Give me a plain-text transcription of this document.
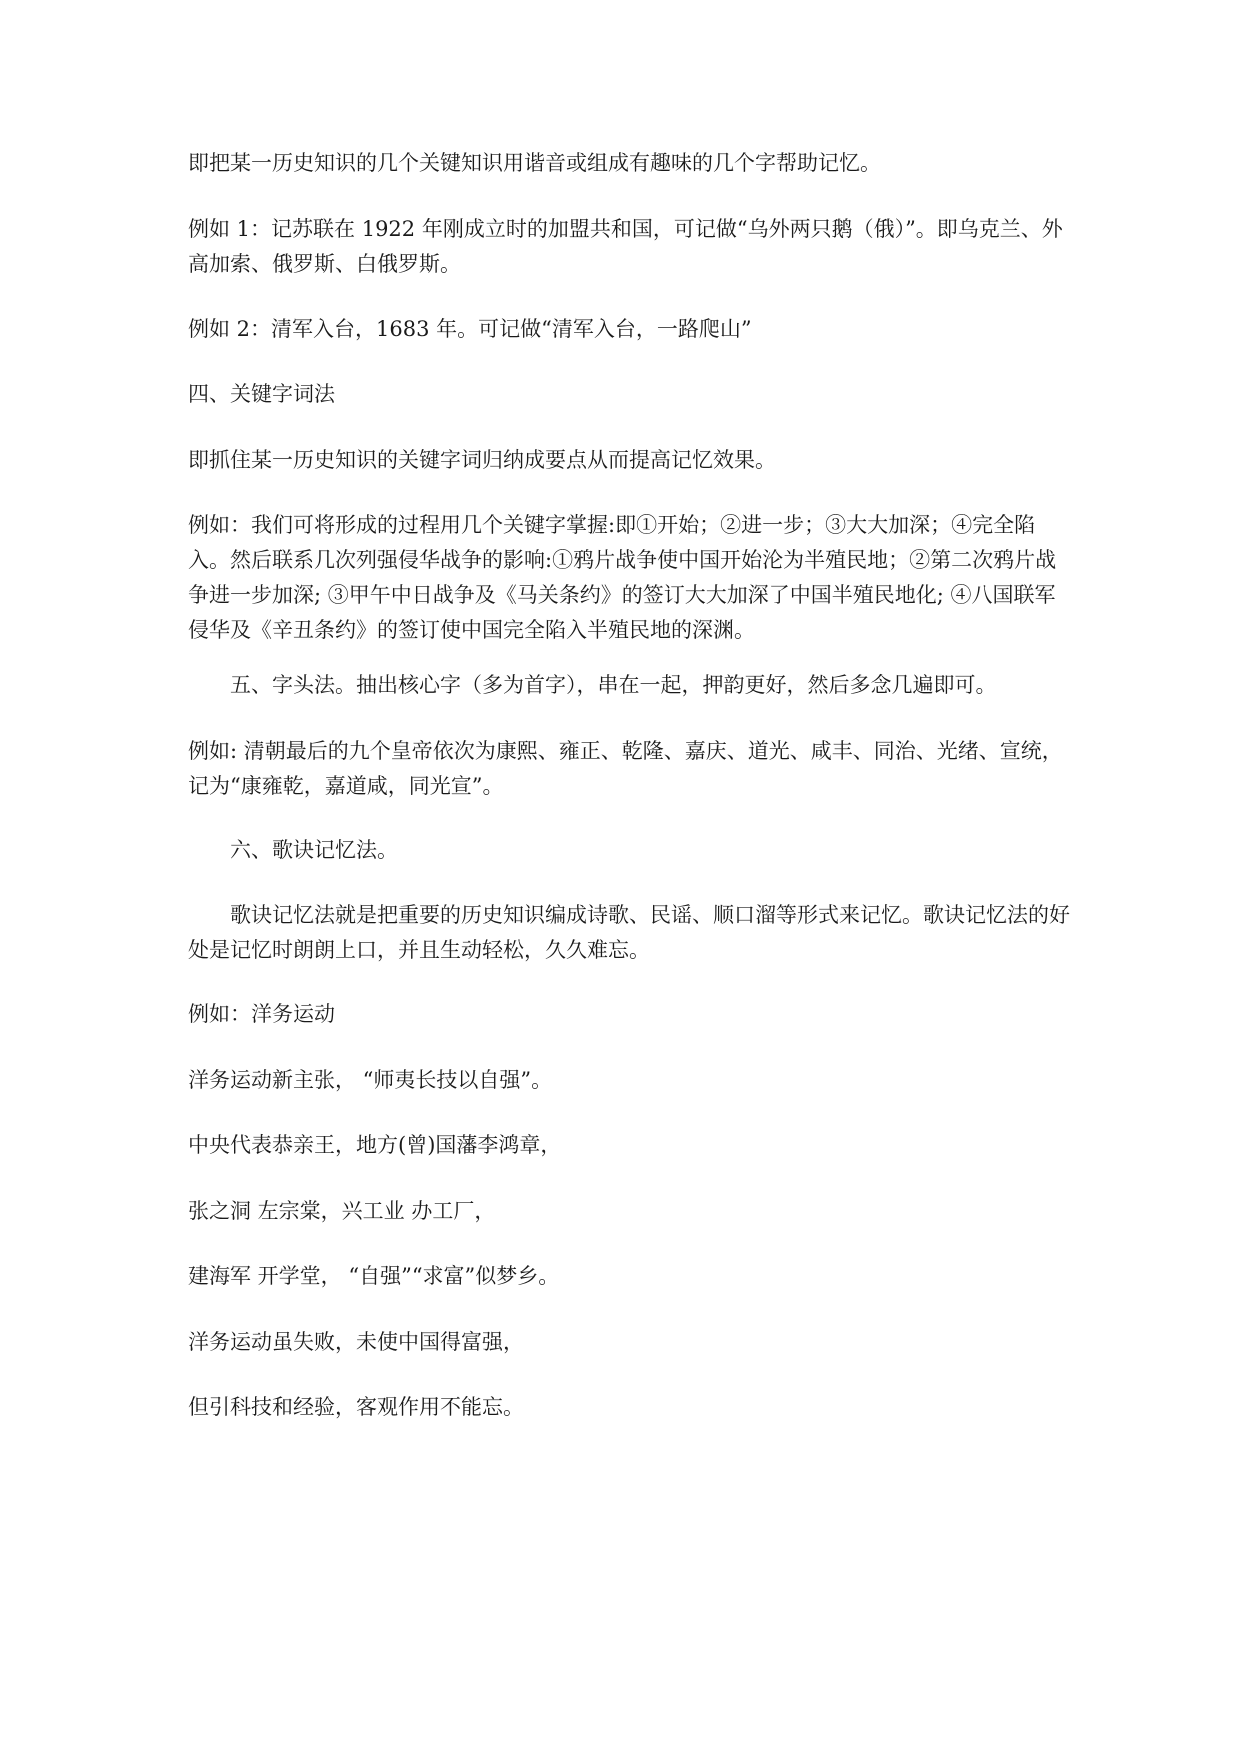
即把某一历史知识的几个关键知识用谐音或组成有趣味的几个字帮助记忆。

例如 1：记苏联在 1922 年刚成立时的加盟共和国，可记做“乌外两只鹅（俄）”。即乌克兰、外高加索、俄罗斯、白俄罗斯。

例如 2：清军入台，1683 年。可记做“清军入台，一路爬山”

四、关键字词法

即抓住某一历史知识的关键字词归纳成要点从而提高记忆效果。

例如：我们可将形成的过程用几个关键字掌握:即①开始；②进一步；③大大加深；④完全陷入。然后联系几次列强侵华战争的影响:①鸦片战争使中国开始沦为半殖民地；②第二次鸦片战争进一步加深; ③甲午中日战争及《马关条约》的签订大大加深了中国半殖民地化; ④八国联军侵华及《辛丑条约》的签订使中国完全陷入半殖民地的深渊。

五、字头法。抽出核心字（多为首字），串在一起，押韵更好，然后多念几遍即可。

例如: 清朝最后的九个皇帝依次为康熙、雍正、乾隆、嘉庆、道光、咸丰、同治、光绪、宣统，记为“康雍乾，嘉道咸，同光宣”。

六、歌诀记忆法。

歌诀记忆法就是把重要的历史知识编成诗歌、民谣、顺口溜等形式来记忆。歌诀记忆法的好处是记忆时朗朗上口，并且生动轻松，久久难忘。

例如：洋务运动

洋务运动新主张， “师夷长技以自强”。

中央代表恭亲王，地方(曾)国藩李鸿章，

张之洞 左宗棠，兴工业 办工厂，

建海军 开学堂， “自强”“求富”似梦乡。

洋务运动虽失败，未使中国得富强，

但引科技和经验，客观作用不能忘。
